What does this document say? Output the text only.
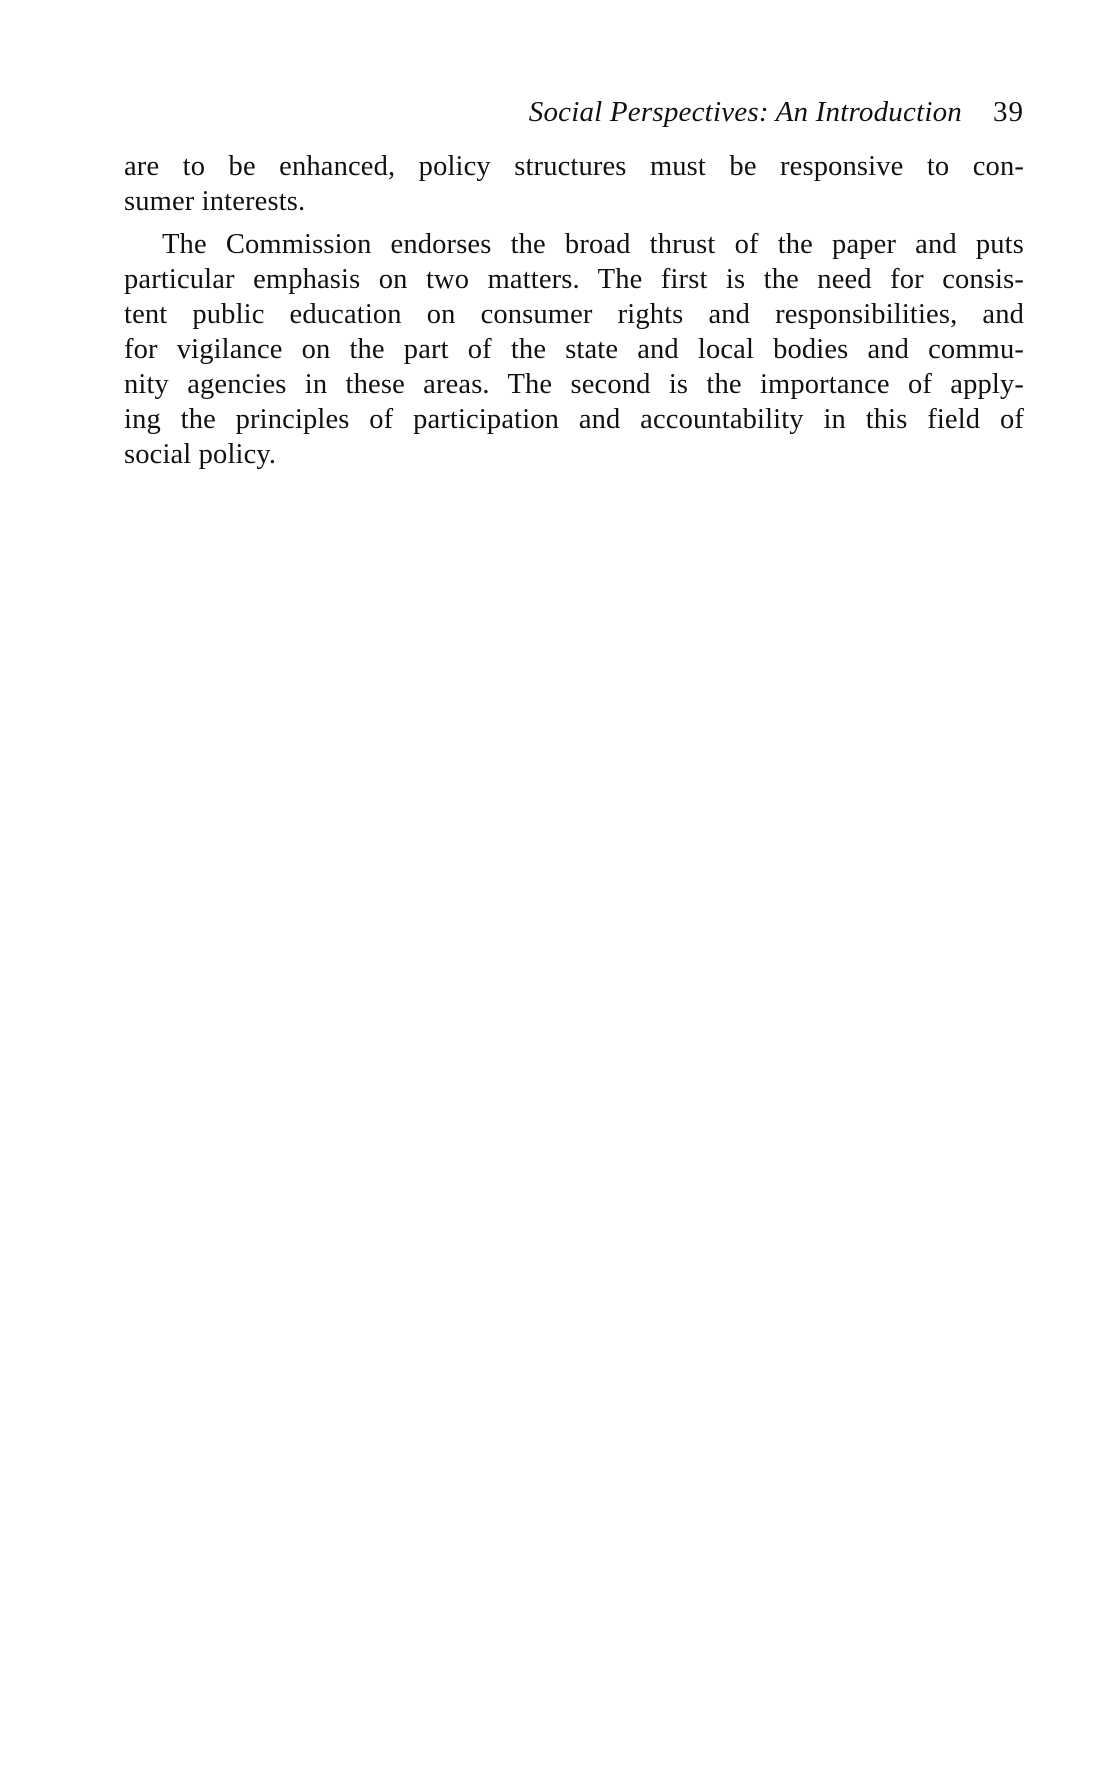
Social Perspectives: An Introduction 39
are to be enhanced, policy structures must be responsive to con-
sumer interests.
The Commission endorses the broad thrust of the paper and puts
particular emphasis on two matters. The first is the need for consis-
tent public education on consumer rights and responsibilities, and
for vigilance on the part of the state and local bodies and commu-
nity agencies in these areas. The second is the importance of apply-
ing the principles of participation and accountability in this field of
social policy.
